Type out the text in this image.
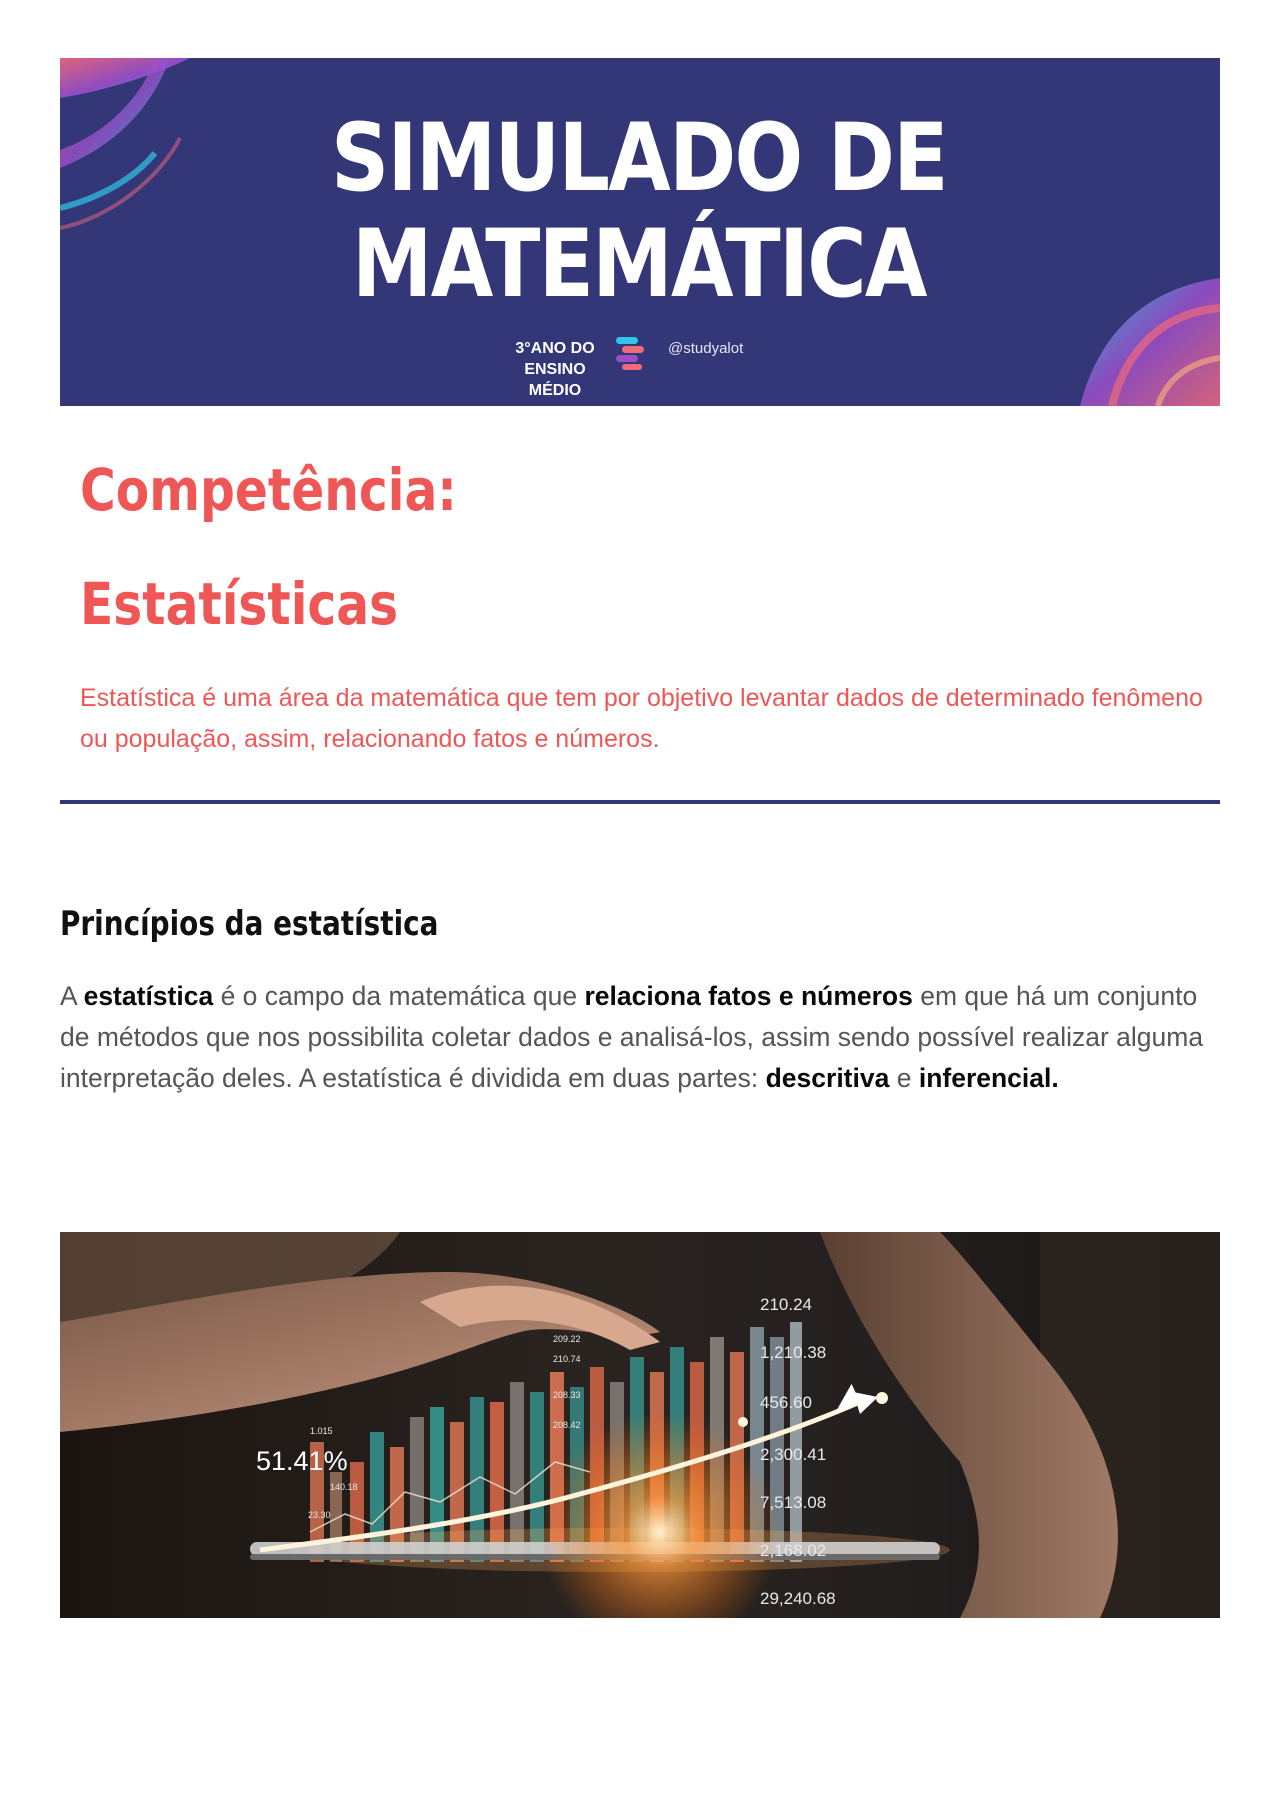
SIMULADO DE
MATEMÁTICA
3°ANO DO
ENSINO
MÉDIO
@studyalot
Competência:
Estatísticas

Estatística é uma área da matemática que tem por objetivo levantar dados de determinado fenômeno ou população, assim, relacionando fatos e números.

Princípios da estatística

A estatística é o campo da matemática que relaciona fatos e números em que há um conjunto de métodos que nos possibilita coletar dados e analisá-los, assim sendo possível realizar alguma interpretação deles. A estatística é dividida em duas partes: descritiva e inferencial.

210.24
1,210.38
456.60
2,300.41
7,513.08
2,168.02
29,240.68
51.41%
1.015
209.22
210.74
208.33
208.42
140.18
23.30
